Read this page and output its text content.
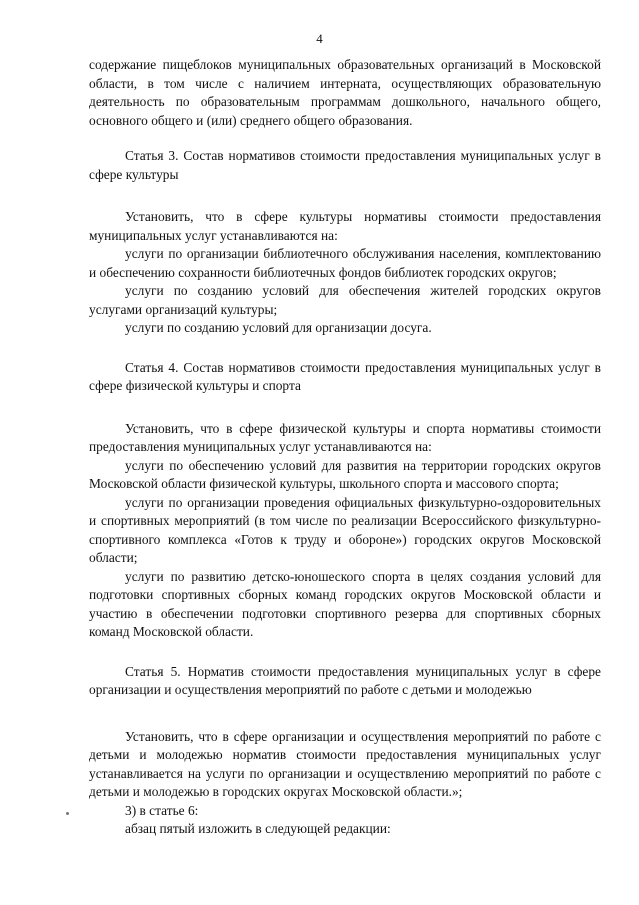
4

содержание пищеблоков муниципальных образовательных организаций в Московской области, в том числе с наличием интерната, осуществляющих образовательную деятельность по образовательным программам дошкольного, начального общего, основного общего и (или) среднего общего образования.

Статья 3. Состав нормативов стоимости предоставления муниципальных услуг в сфере культуры

Установить, что в сфере культуры нормативы стоимости предоставления муниципальных услуг устанавливаются на:

услуги по организации библиотечного обслуживания населения, комплектованию и обеспечению сохранности библиотечных фондов библиотек городских округов;

услуги по созданию условий для обеспечения жителей городских округов услугами организаций культуры;

услуги по созданию условий для организации досуга.

Статья 4. Состав нормативов стоимости предоставления муниципальных услуг в сфере физической культуры и спорта

Установить, что в сфере физической культуры и спорта нормативы стоимости предоставления муниципальных услуг устанавливаются на:

услуги по обеспечению условий для развития на территории городских округов Московской области физической культуры, школьного спорта и массового спорта;

услуги по организации проведения официальных физкультурно-оздоровительных и спортивных мероприятий (в том числе по реализации Всероссийского физкультурно-спортивного комплекса «Готов к труду и обороне») городских округов Московской области;

услуги по развитию детско-юношеского спорта в целях создания условий для подготовки спортивных сборных команд городских округов Московской области и участию в обеспечении подготовки спортивного резерва для спортивных сборных команд Московской области.

Статья 5. Норматив стоимости предоставления муниципальных услуг в сфере организации и осуществления мероприятий по работе с детьми и молодежью

Установить, что в сфере организации и осуществления мероприятий по работе с детьми и молодежью норматив стоимости предоставления муниципальных услуг устанавливается на услуги по организации и осуществлению мероприятий по работе с детьми и молодежью в городских округах Московской области.»;

3) в статье 6:

абзац пятый изложить в следующей редакции:
